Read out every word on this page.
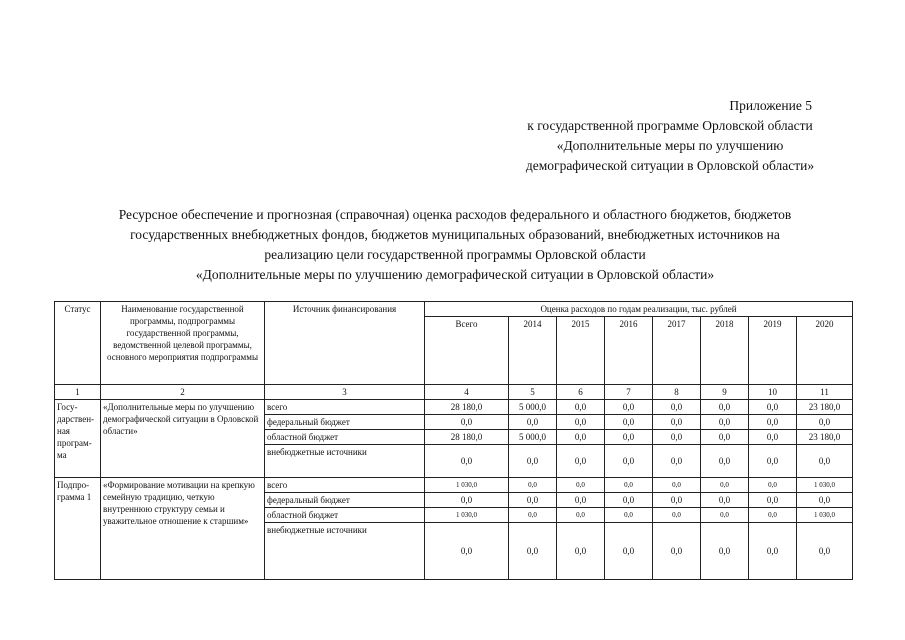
Приложение 5
к государственной программе Орловской области
«Дополнительные меры по улучшению
демографической ситуации в Орловской области»
Ресурсное обеспечение и прогнозная (справочная) оценка расходов федерального и областного бюджетов, бюджетов
государственных внебюджетных фондов, бюджетов муниципальных образований, внебюджетных источников на
реализацию цели государственной программы Орловской области
«Дополнительные меры по улучшению демографической ситуации в Орловской области»
Статус	Наименование государственной программы, подпрограммы государственной программы, ведомственной целевой программы, основного мероприятия подпрограммы	Источник финансирования	Оценка расходов по годам реализации, тыс. рублей							
			Всего	2014	2015	2016	2017	2018	2019	2020
1	2	3	4	5	6	7	8	9	10	11
Госу-дарствен-ная програм-ма	«Дополнительные меры по улучшению демографической ситуации в Орловской области»	всего	28 180,0	5 000,0	0,0	0,0	0,0	0,0	0,0	23 180,0
		федеральный бюджет	0,0	0,0	0,0	0,0	0,0	0,0	0,0	0,0
		областной бюджет	28 180,0	5 000,0	0,0	0,0	0,0	0,0	0,0	23 180,0
		внебюджетные источники	0,0	0,0	0,0	0,0	0,0	0,0	0,0	0,0
Подпро-грамма 1	«Формирование мотивации на крепкую семейную традицию, четкую внутреннюю структуру семьи и уважительное отношение к старшим»	всего	1 030,0	0,0	0,0	0,0	0,0	0,0	0,0	1 030,0
		федеральный бюджет	0,0	0,0	0,0	0,0	0,0	0,0	0,0	0,0
		областной бюджет	1 030,0	0,0	0,0	0,0	0,0	0,0	0,0	1 030,0
		внебюджетные источники	0,0	0,0	0,0	0,0	0,0	0,0	0,0	0,0
